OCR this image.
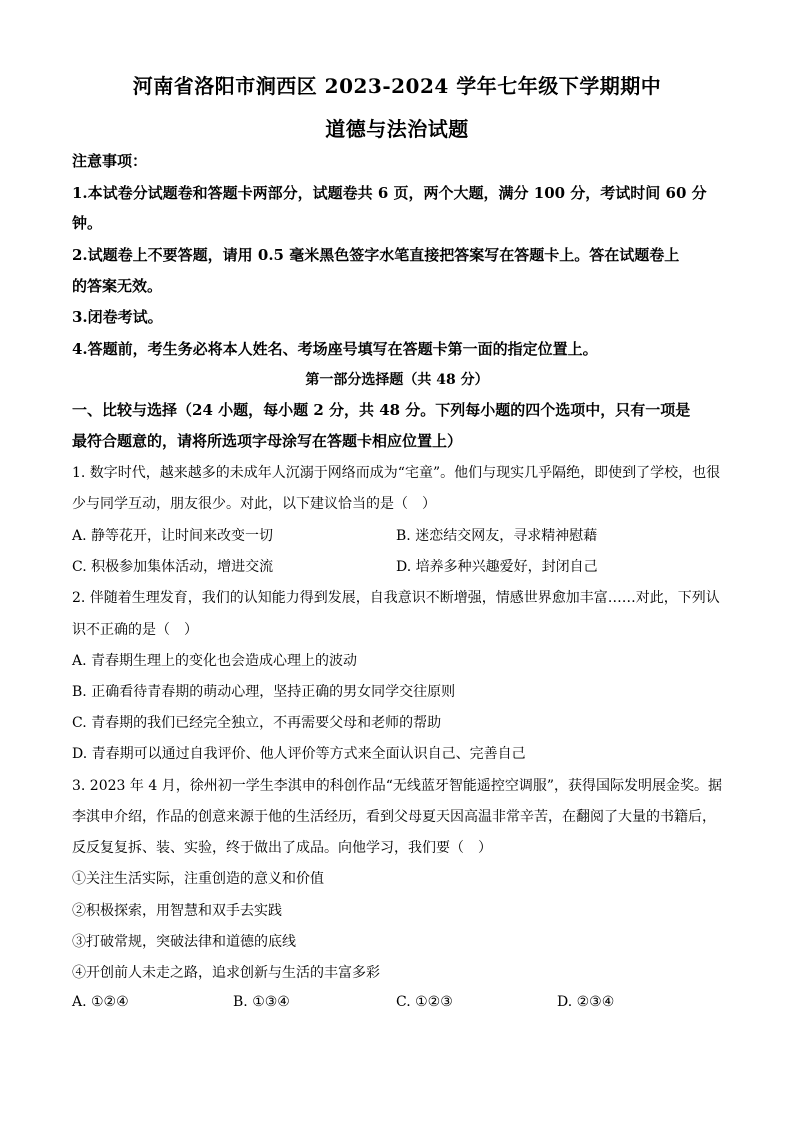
河南省洛阳市涧西区 2023-2024 学年七年级下学期期中
道德与法治试题
注意事项：
1.本试卷分试题卷和答题卡两部分，试题卷共 6 页，两个大题，满分 100 分，考试时间 60 分
钟。
2.试题卷上不要答题，请用 0.5 毫米黑色签字水笔直接把答案写在答题卡上。答在试题卷上
的答案无效。
3.闭卷考试。
4.答题前，考生务必将本人姓名、考场座号填写在答题卡第一面的指定位置上。
第一部分选择题（共 48 分）
一、比较与选择（24 小题，每小题 2 分，共 48 分。下列每小题的四个选项中，只有一项是
最符合题意的，请将所选项字母涂写在答题卡相应位置上）
1. 数字时代，越来越多的未成年人沉溺于网络而成为“宅童”。他们与现实几乎隔绝，即使到了学校，也很
少与同学互动，朋友很少。对此，以下建议恰当的是（　）
A. 静等花开，让时间来改变一切	B. 迷恋结交网友，寻求精神慰藉
C. 积极参加集体活动，增进交流	D. 培养多种兴趣爱好，封闭自己
2. 伴随着生理发育，我们的认知能力得到发展，自我意识不断增强，情感世界愈加丰富……对此，下列认
识不正确的是（　）
A. 青春期生理上的变化也会造成心理上的波动
B. 正确看待青春期的萌动心理，坚持正确的男女同学交往原则
C. 青春期的我们已经完全独立，不再需要父母和老师的帮助
D. 青春期可以通过自我评价、他人评价等方式来全面认识自己、完善自己
3. 2023 年 4 月，徐州初一学生李淇申的科创作品“无线蓝牙智能遥控空调服”，获得国际发明展金奖。据
李淇申介绍，作品的创意来源于他的生活经历，看到父母夏天因高温非常辛苦，在翻阅了大量的书籍后，
反反复复拆、装、实验，终于做出了成品。向他学习，我们要（　）
①关注生活实际，注重创造的意义和价值
②积极探索，用智慧和双手去实践
③打破常规，突破法律和道德的底线
④开创前人未走之路，追求创新与生活的丰富多彩
A. ①②④	B. ①③④	C. ①②③	D. ②③④
